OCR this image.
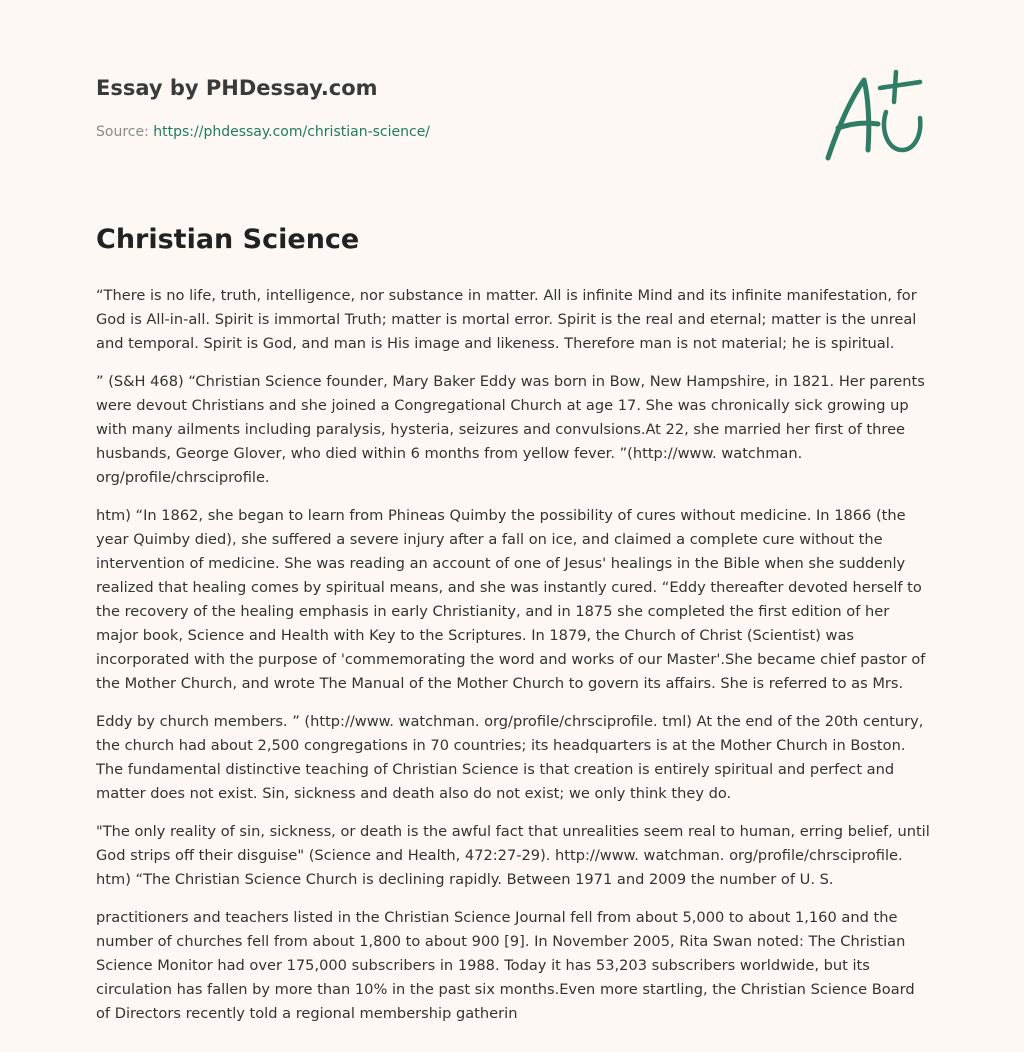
Essay by PHDessay.com
Source: https://phdessay.com/christian-science/
Christian Science

“There is no life, truth, intelligence, nor substance in matter. All is infinite Mind and its infinite manifestation, for God is All-in-all. Spirit is immortal Truth; matter is mortal error. Spirit is the real and eternal; matter is the unreal and temporal. Spirit is God, and man is His image and likeness. Therefore man is not material; he is spiritual.

” (S&H 468) “Christian Science founder, Mary Baker Eddy was born in Bow, New Hampshire, in 1821. Her parents were devout Christians and she joined a Congregational Church at age 17. She was chronically sick growing up with many ailments including paralysis, hysteria, seizures and convulsions.At 22, she married her first of three husbands, George Glover, who died within 6 months from yellow fever. ”(http://www. watchman. org/profile/chrsciprofile.

htm) “In 1862, she began to learn from Phineas Quimby the possibility of cures without medicine. In 1866 (the year Quimby died), she suffered a severe injury after a fall on ice, and claimed a complete cure without the intervention of medicine. She was reading an account of one of Jesus' healings in the Bible when she suddenly realized that healing comes by spiritual means, and she was instantly cured. “Eddy thereafter devoted herself to the recovery of the healing emphasis in early Christianity, and in 1875 she completed the first edition of her major book, Science and Health with Key to the Scriptures. In 1879, the Church of Christ (Scientist) was incorporated with the purpose of 'commemorating the word and works of our Master'.She became chief pastor of the Mother Church, and wrote The Manual of the Mother Church to govern its affairs. She is referred to as Mrs.

Eddy by church members. ” (http://www. watchman. org/profile/chrsciprofile. tml) At the end of the 20th century, the church had about 2,500 congregations in 70 countries; its headquarters is at the Mother Church in Boston. The fundamental distinctive teaching of Christian Science is that creation is entirely spiritual and perfect and matter does not exist. Sin, sickness and death also do not exist; we only think they do.

"The only reality of sin, sickness, or death is the awful fact that unrealities seem real to human, erring belief, until God strips off their disguise" (Science and Health, 472:27-29). http://www. watchman. org/profile/chrsciprofile. htm) “The Christian Science Church is declining rapidly. Between 1971 and 2009 the number of U. S.

practitioners and teachers listed in the Christian Science Journal fell from about 5,000 to about 1,160 and the number of churches fell from about 1,800 to about 900 [9]. In November 2005, Rita Swan noted: The Christian Science Monitor had over 175,000 subscribers in 1988. Today it has 53,203 subscribers worldwide, but its circulation has fallen by more than 10% in the past six months.Even more startling, the Christian Science Board of Directors recently told a regional membership gatherin
